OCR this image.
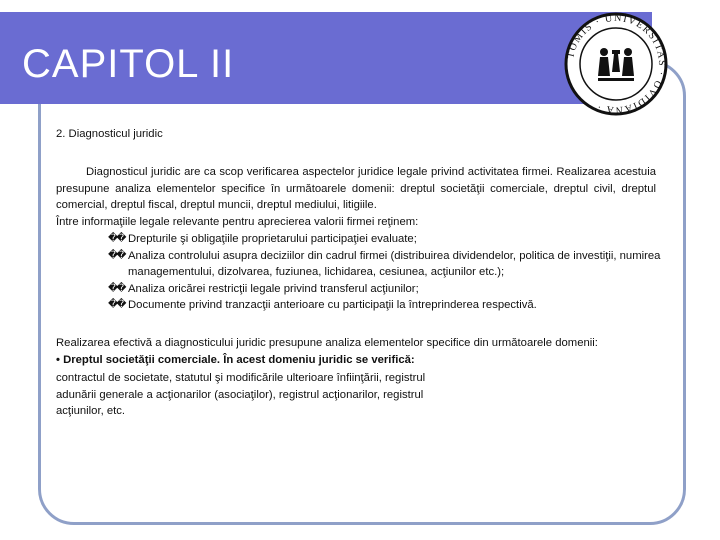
CAPITOL II	TOMIS · UNIVERSITAS · OVIDIANA ·
2. Diagnosticul juridic
Diagnosticul juridic are ca scop verificarea aspectelor juridice legale privind activitatea firmei. Realizarea acestuia presupune analiza elementelor specifice în următoarele domenii: dreptul societăţii comerciale, dreptul civil, dreptul comercial, dreptul fiscal, dreptul muncii, dreptul mediului, litigiile.
Între informaţiile legale relevante pentru aprecierea valorii firmei reţinem:
�� Drepturile şi obligaţiile proprietarului participaţiei evaluate;
�� Analiza controlului asupra deciziilor din cadrul firmei (distribuirea dividendelor, politica de investiţii, numirea managementului, dizolvarea, fuziunea, lichidarea, cesiunea, acţiunilor etc.);
�� Analiza oricărei restricţii legale privind transferul acţiunilor;
�� Documente privind tranzacţii anterioare cu participaţii la întreprinderea respectivă.
Realizarea efectivă a diagnosticului juridic presupune analiza elementelor specifice din următoarele domenii:
• Dreptul societăţii comerciale. În acest domeniu juridic se verifică:
contractul de societate, statutul şi modificările ulterioare înfiinţării, registrul adunării generale a acţionarilor (asociaţilor), registrul acţionarilor, registrul acţiunilor, etc.
